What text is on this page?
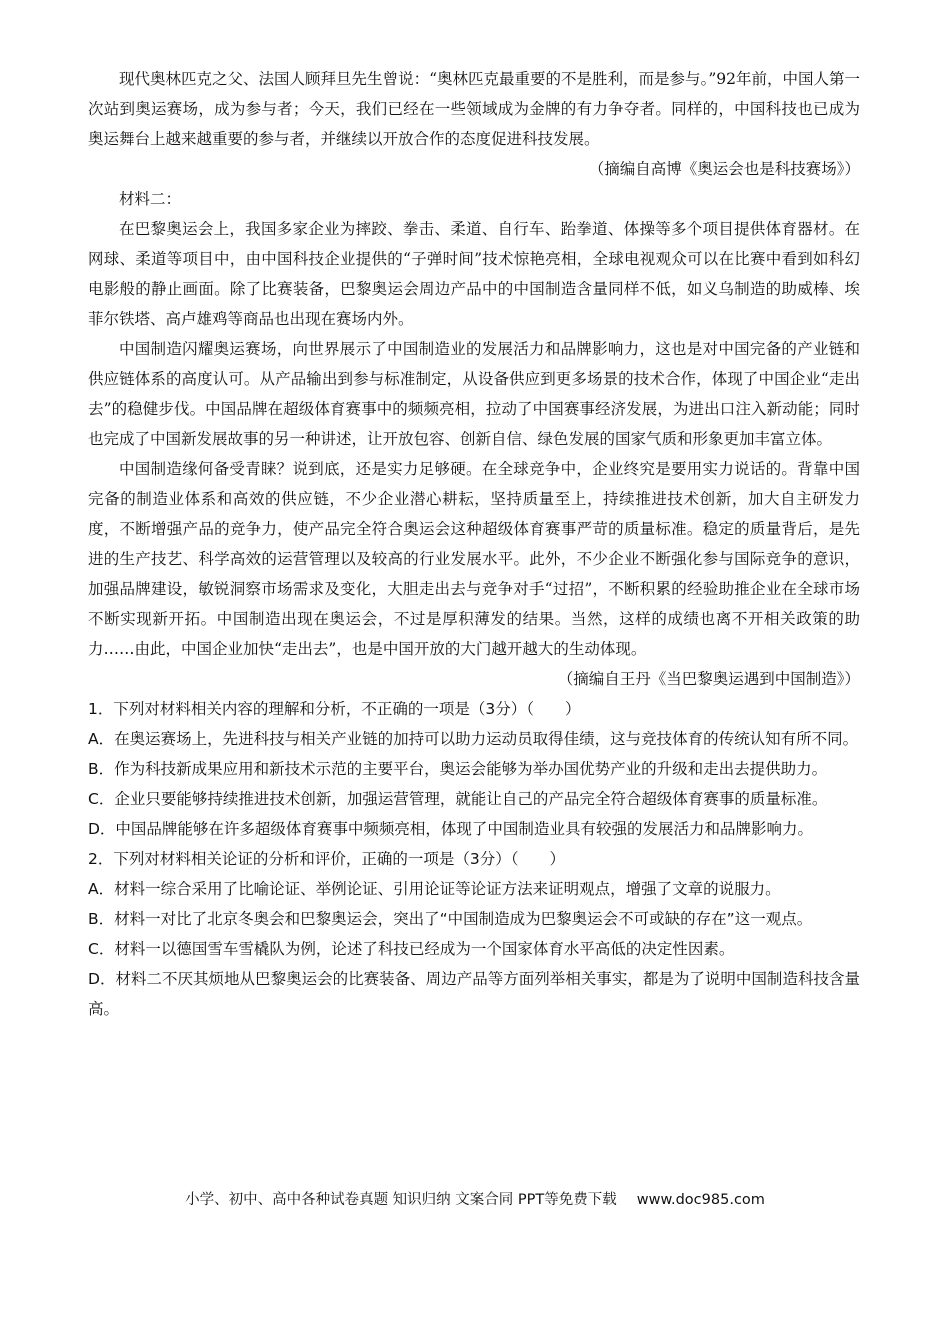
现代奥林匹克之父、法国人顾拜旦先生曾说：“奥林匹克最重要的不是胜利，而是参与。”92年前，中国人第一次站到奥运赛场，成为参与者；今天，我们已经在一些领域成为金牌的有力争夺者。同样的，中国科技也已成为奥运舞台上越来越重要的参与者，并继续以开放合作的态度促进科技发展。

（摘编自高博《奥运会也是科技赛场》）

材料二：

在巴黎奥运会上，我国多家企业为摔跤、拳击、柔道、自行车、跆拳道、体操等多个项目提供体育器材。在网球、柔道等项目中，由中国科技企业提供的“子弹时间”技术惊艳亮相，全球电视观众可以在比赛中看到如科幻电影般的静止画面。除了比赛装备，巴黎奥运会周边产品中的中国制造含量同样不低，如义乌制造的助威棒、埃菲尔铁塔、高卢雄鸡等商品也出现在赛场内外。

中国制造闪耀奥运赛场，向世界展示了中国制造业的发展活力和品牌影响力，这也是对中国完备的产业链和供应链体系的高度认可。从产品输出到参与标准制定，从设备供应到更多场景的技术合作，体现了中国企业“走出去”的稳健步伐。中国品牌在超级体育赛事中的频频亮相，拉动了中国赛事经济发展，为进出口注入新动能；同时也完成了中国新发展故事的另一种讲述，让开放包容、创新自信、绿色发展的国家气质和形象更加丰富立体。

中国制造缘何备受青睐？说到底，还是实力足够硬。在全球竞争中，企业终究是要用实力说话的。背靠中国完备的制造业体系和高效的供应链，不少企业潜心耕耘，坚持质量至上，持续推进技术创新，加大自主研发力度，不断增强产品的竞争力，使产品完全符合奥运会这种超级体育赛事严苛的质量标准。稳定的质量背后，是先进的生产技艺、科学高效的运营管理以及较高的行业发展水平。此外，不少企业不断强化参与国际竞争的意识，加强品牌建设，敏锐洞察市场需求及变化，大胆走出去与竞争对手“过招”，不断积累的经验助推企业在全球市场不断实现新开拓。中国制造出现在奥运会，不过是厚积薄发的结果。当然，这样的成绩也离不开相关政策的助力……由此，中国企业加快“走出去”，也是中国开放的大门越开越大的生动体现。

（摘编自王丹《当巴黎奥运遇到中国制造》）

1．下列对材料相关内容的理解和分析，不正确的一项是（3分）（　　）

A．在奥运赛场上，先进科技与相关产业链的加持可以助力运动员取得佳绩，这与竞技体育的传统认知有所不同。

B．作为科技新成果应用和新技术示范的主要平台，奥运会能够为举办国优势产业的升级和走出去提供助力。

C．企业只要能够持续推进技术创新，加强运营管理，就能让自己的产品完全符合超级体育赛事的质量标准。

D．中国品牌能够在许多超级体育赛事中频频亮相，体现了中国制造业具有较强的发展活力和品牌影响力。

2．下列对材料相关论证的分析和评价，正确的一项是（3分）（　　）

A．材料一综合采用了比喻论证、举例论证、引用论证等论证方法来证明观点，增强了文章的说服力。

B．材料一对比了北京冬奥会和巴黎奥运会，突出了“中国制造成为巴黎奥运会不可或缺的存在”这一观点。

C．材料一以德国雪车雪橇队为例，论述了科技已经成为一个国家体育水平高低的决定性因素。

D．材料二不厌其烦地从巴黎奥运会的比赛装备、周边产品等方面列举相关事实，都是为了说明中国制造科技含量高。

小学、初中、高中各种试卷真题 知识归纳 文案合同 PPT等免费下载 www.doc985.com
